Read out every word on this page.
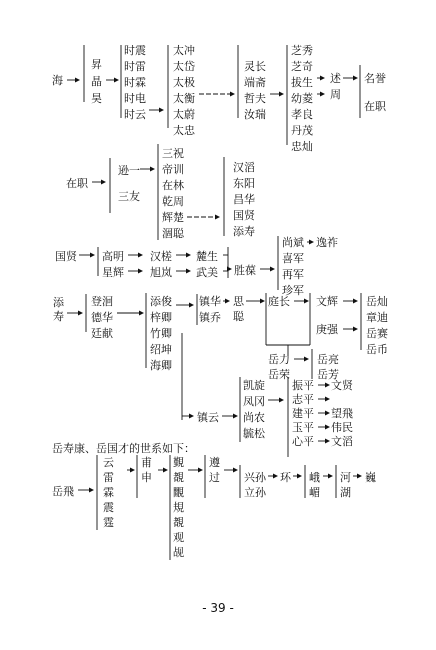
海
昇
晶
昊
时震
时雷
时霖
时电
时云
太冲
太岱
太极
太衡
太蔚
太忠
灵长
端斋
哲夫
汝瑞
芝秀
芝奇
拔生
幼菱
孝良
丹茂
忠灿
述
周
名誉
在职
在职
逊一
三友
三祝
帝训
在林
乾周
辉楚
涸聪
汉滔
东阳
昌华
国贤
添寿
国贤 高明
星辉
汉槎
旭岚
麓生
武美 胜葆
尚斌
喜军
再军
珍军
逸祚
添
寿
登洄
德华
廷献
添俊
梓卿
竹卿
绍坤
海卿
镇华
镇乔
思
聪
庭长 文辉
庚强
岳灿
章迪
岳赛
岳币
岳力
岳荣
岳亮
岳芳
镇云
凯旋
凤冈
尚农
毓松
振平
志平
建平
玉平
心平
文贤
望飛
伟民
文滔
岳寿康、岳国才的世系如下：
岳飛
云
雷
霖
震
霆
甫
申
覲
覩
覵
規
覩
观
觇
遵
过 兴孙
立孙
环 峨
嵋
河
湖
巍
- 39 -
